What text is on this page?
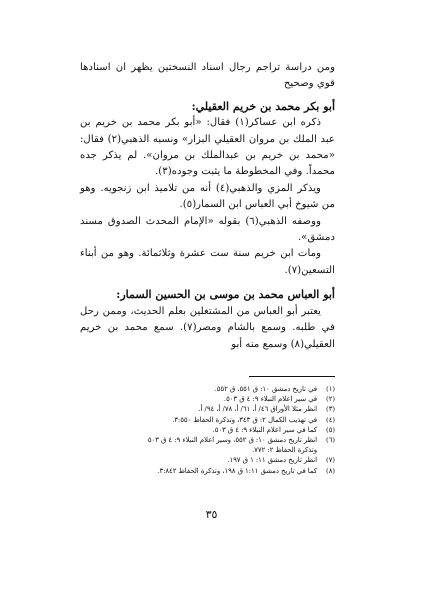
ومن دراسة تراجم رجال اسناد النسختين يظهر ان اسنادها قوي وصحيح

أبو بكر محمد بن خريم العقيلي:

ذكره ابن عساكر(١) فقال: «أبو بكر محمد بن خريم بن عبد الملك بن مروان العقيلي البزار» ونسبه الذهبي(٢) فقال: «محمد بن خريم بن عبدالملك بن مروان». لم يذكر جده محمداً. وفي المخطوطة ما يثبت وجوده(٣).

ويذكر المزي والذهبي(٤) أنه من تلاميذ ابن زنجويه. وهو من شيوخ أبي العباس ابن السمار(٥).

ووصفه الذهبي(٦) بقوله «الإمام المحدث الصدوق مسند دمشق».

ومات ابن خريم سنة ست عشرة وثلاثمائة. وهو من أبناء التسعين(٧).

أبو العباس محمد بن موسى بن الحسين السمار:

يعتبر أبو العباس من المشتغلين بعلم الحديث، وممن رحل في طلبه. وسمع بالشام ومصر(٧). سمع محمد بن خريم العقيلي(٨) وسمع منه أبو

(١)
في تاريخ دمشق ١٠: ق ٥٥١، ق ٥٥٢.
(٢)
في سير اعلام النبلاء ٩: ٤ ق ٥٠٣.
(٣)
انظر مثلا الأوراق ٤٦/ أ، ٦١/ أ، ٧٨/ أ، ٩٤/ أ.
(٤)
في تهذيب الكمال ٢: ق ٣٤٣، وتذكرة الحفاظ ٣:٥٥٠.
(٥)
كما في سير اعلام النبلاء ٩: ٤ ق ٥٠٣.
(٦)
انظر تاريخ دمشق ١٠: ق ٥٥٢، وسير اعلام النبلاء ٩: ٤ ق ٥٠٣ وتذكرة الحفاظ ٢: ٧٧٢.
(٧)
انظر تاريخ دمشق ١١: ١ ق ١٩٧.
(٨)
كما في تاريخ دمشق ١:١١ ق ١٩٨، وتذكرة الحفاظ ٣:٨٤٢.
٣٥
